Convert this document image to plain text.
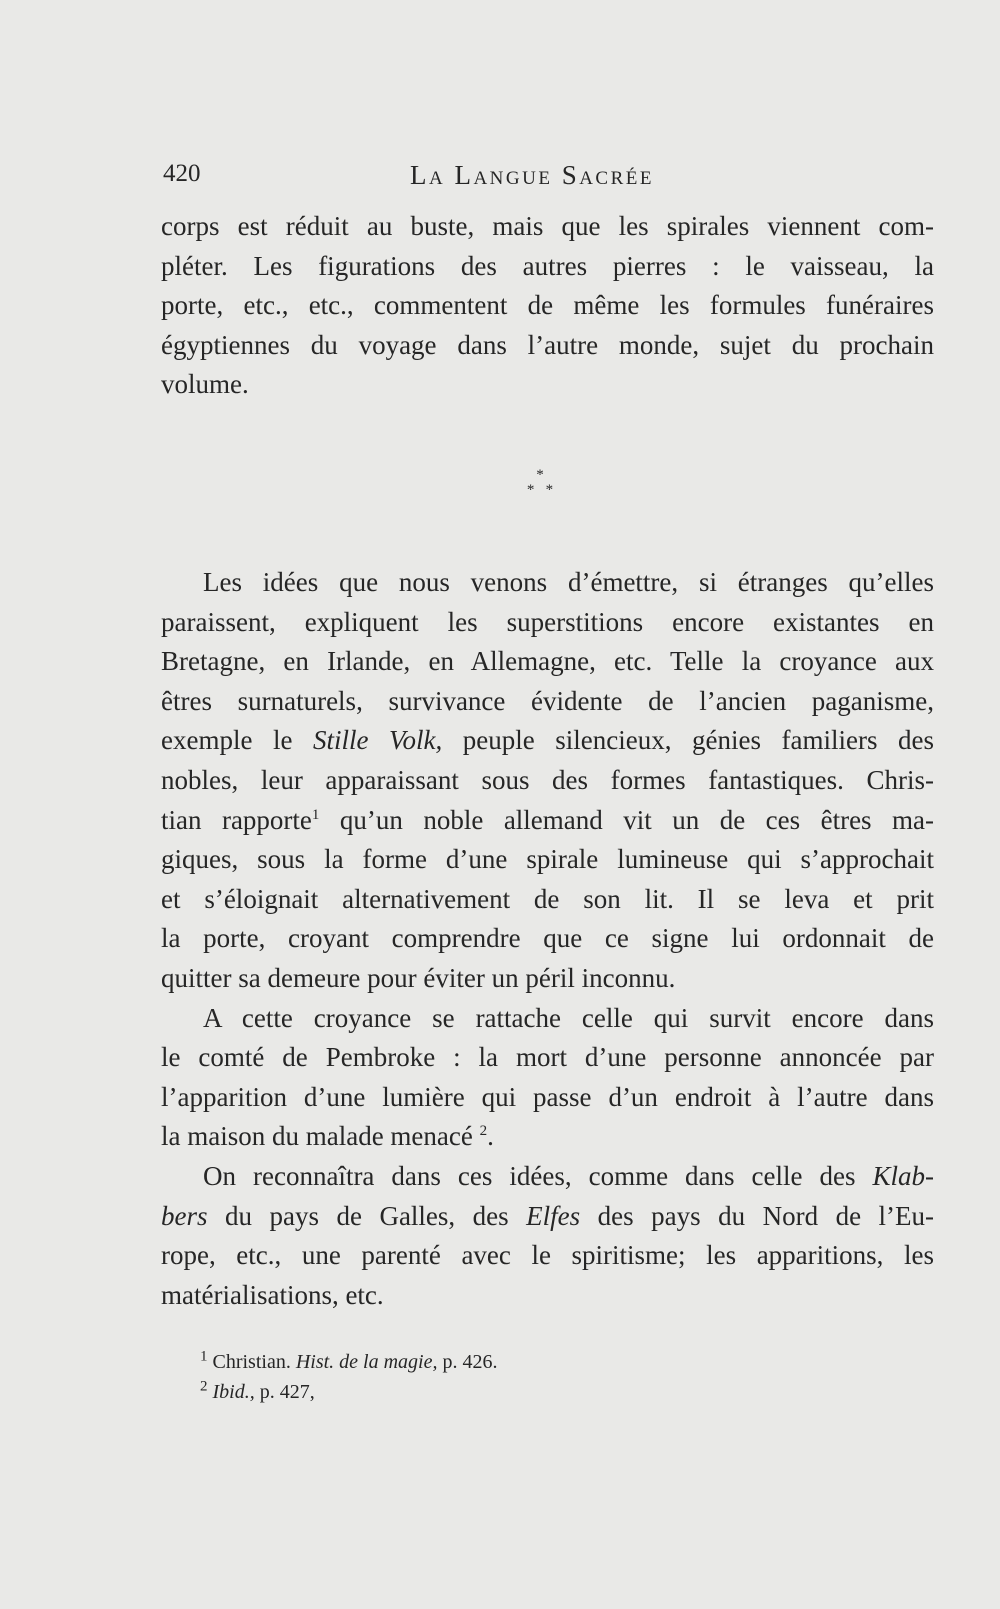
420	La Langue Sacrée
corps est réduit au buste, mais que les spirales viennent com-
pléter. Les figurations des autres pierres : le vaisseau, la
porte, etc., etc., commentent de même les formules funéraires
égyptiennes du voyage dans l’autre monde, sujet du prochain
volume.
*
* *
Les idées que nous venons d’émettre, si étranges qu’elles
paraissent, expliquent les superstitions encore existantes en
Bretagne, en Irlande, en Allemagne, etc. Telle la croyance aux
êtres surnaturels, survivance évidente de l’ancien paganisme,
exemple le Stille Volk, peuple silencieux, génies familiers des
nobles, leur apparaissant sous des formes fantastiques. Chris-
tian rapporte$^1$ qu’un noble allemand vit un de ces êtres ma-
giques, sous la forme d’une spirale lumineuse qui s’approchait
et s’éloignait alternativement de son lit. Il se leva et prit
la porte, croyant comprendre que ce signe lui ordonnait de
quitter sa demeure pour éviter un péril inconnu.
A cette croyance se rattache celle qui survit encore dans
le comté de Pembroke : la mort d’une personne annoncée par
l’apparition d’une lumière qui passe d’un endroit à l’autre dans
la maison du malade menacé $^2$.
On reconnaîtra dans ces idées, comme dans celle des Klab-
bers du pays de Galles, des Elfes des pays du Nord de l’Eu-
rope, etc., une parenté avec le spiritisme; les apparitions, les
matérialisations, etc.
$^1$ Christian. Hist. de la magie, p. 426.
$^2$ Ibid., p. 427,
